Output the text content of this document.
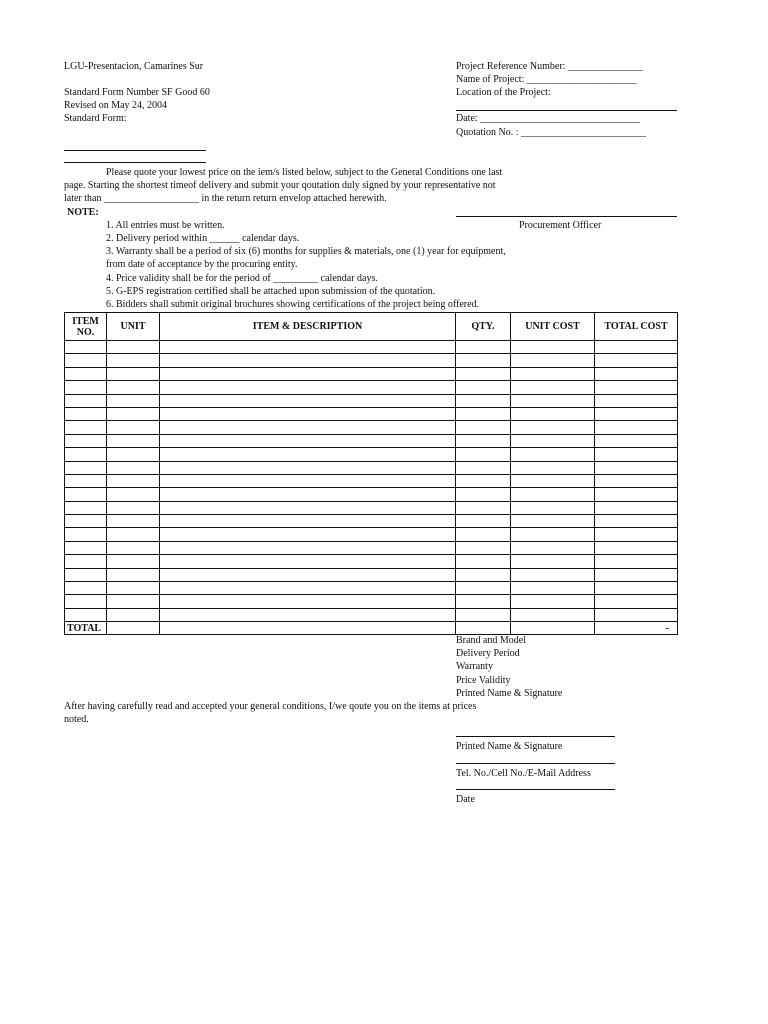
LGU-Presentacion, Camarines Sur
Standard Form Number SF Good 60
Revised on May 24, 2004
Standard Form:
Project Reference Number: _______________
Name of Project: ______________________
Location of the Project:
Date: ________________________________
Quotation No. : _________________________
Please quote your lowest price on the iem/s listed below, subject to the General Conditions one last
page. Starting the shortest timeof delivery and submit your qoutation duly signed by your representative not
later than ___________________ in the return return envelop attached herewith.
Procurement Officer
NOTE:
1. All entries must be written.
2. Delivery period within ______ calendar days.
3. Warranty shall be a period of six (6) months for supplies & materials, one (1) year for equipment,
from date of acceptance by the procuring entity.
4. Price validity shall be for the period of _________ calendar days.
5. G-EPS registration certified shall be attached upon submission of the quotation.
6. Bidders shall submit original brochures showing certifications of the project being offered.
ITEM NO.	UNIT	ITEM & DESCRIPTION	QTY.	UNIT COST	TOTAL COST

TOTAL					-
Brand and Model
Delivery Period
Warranty
Price Validity
Printed Name & Signature
After having carefully read and accepted your general conditions, I/we qoute you on the items at prices
noted.
Printed Name & Signature
Tel. No./Cell No./E-Mail Address
Date
